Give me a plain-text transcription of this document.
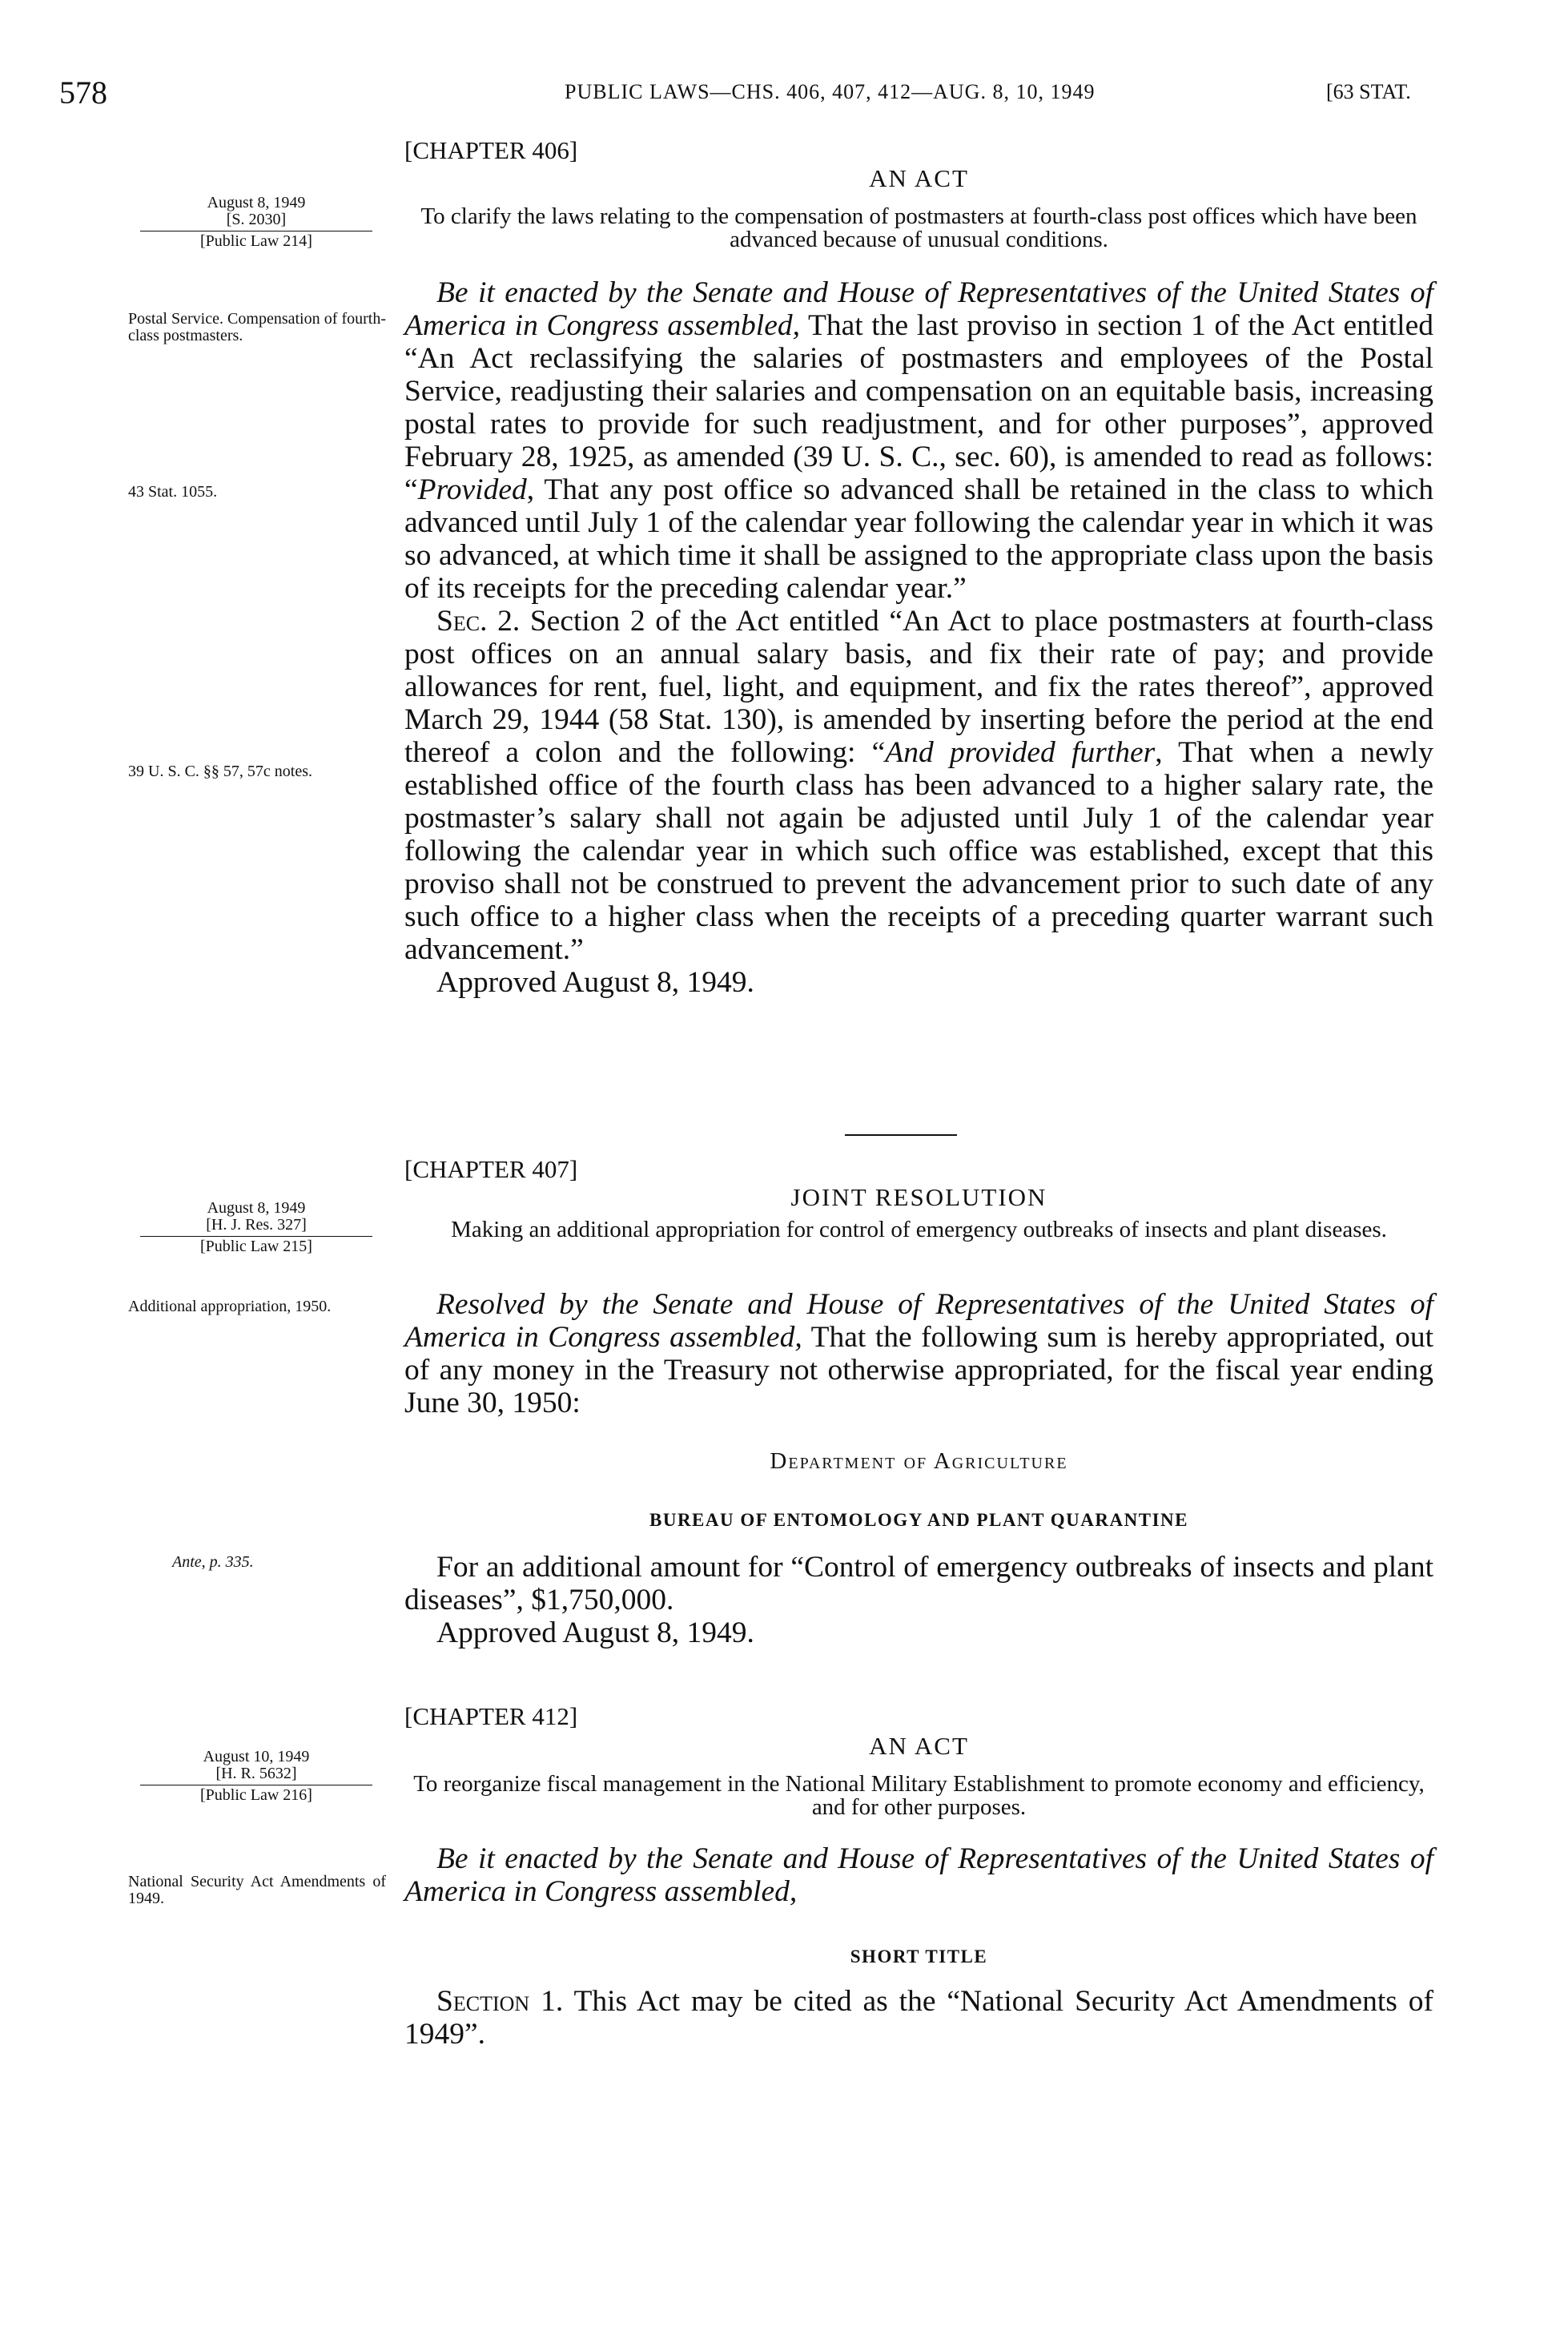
578	PUBLIC LAWS—CHS. 406, 407, 412—AUG. 8, 10, 1949	[63 STAT.
[CHAPTER 406]
AN ACT
To clarify the laws relating to the compensation of postmasters at fourth-class post offices which have been advanced because of unusual conditions.

Be it enacted by the Senate and House of Representatives of the United States of America in Congress assembled, That the last proviso in section 1 of the Act entitled “An Act reclassifying the salaries of postmasters and employees of the Postal Service, readjusting their salaries and compensation on an equitable basis, increasing postal rates to provide for such readjustment, and for other purposes”, approved February 28, 1925, as amended (39 U. S. C., sec. 60), is amended to read as follows: “Provided, That any post office so advanced shall be retained in the class to which advanced until July 1 of the calendar year following the calendar year in which it was so advanced, at which time it shall be assigned to the appropriate class upon the basis of its receipts for the preceding calendar year.”

Sec. 2. Section 2 of the Act entitled “An Act to place postmasters at fourth-class post offices on an annual salary basis, and fix their rate of pay; and provide allowances for rent, fuel, light, and equipment, and fix the rates thereof”, approved March 29, 1944 (58 Stat. 130), is amended by inserting before the period at the end thereof a colon and the following: “And provided further, That when a newly established office of the fourth class has been advanced to a higher salary rate, the postmaster’s salary shall not again be adjusted until July 1 of the calendar year following the calendar year in which such office was established, except that this proviso shall not be construed to prevent the advancement prior to such date of any such office to a higher class when the receipts of a preceding quarter warrant such advancement.”

Approved August 8, 1949.

August 8, 1949
[S. 2030]
[Public Law 214]
Postal Service. Compensation of fourth-class postmasters.
43 Stat. 1055.
39 U. S. C. §§ 57, 57c notes.
[CHAPTER 407]
JOINT RESOLUTION
Making an additional appropriation for control of emergency outbreaks of insects and plant diseases.

Resolved by the Senate and House of Representatives of the United States of America in Congress assembled, That the following sum is hereby appropriated, out of any money in the Treasury not otherwise appropriated, for the fiscal year ending June 30, 1950:

Department of Agriculture
BUREAU OF ENTOMOLOGY AND PLANT QUARANTINE

For an additional amount for “Control of emergency outbreaks of insects and plant diseases”, $1,750,000.

Approved August 8, 1949.

August 8, 1949
[H. J. Res. 327]
[Public Law 215]
Additional appropriation, 1950.
Ante, p. 335.
[CHAPTER 412]
AN ACT
To reorganize fiscal management in the National Military Establishment to promote economy and efficiency, and for other purposes.

Be it enacted by the Senate and House of Representatives of the United States of America in Congress assembled,

SHORT TITLE

Section 1. This Act may be cited as the “National Security Act Amendments of 1949”.

August 10, 1949
[H. R. 5632]
[Public Law 216]
National Security Act Amendments of 1949.
